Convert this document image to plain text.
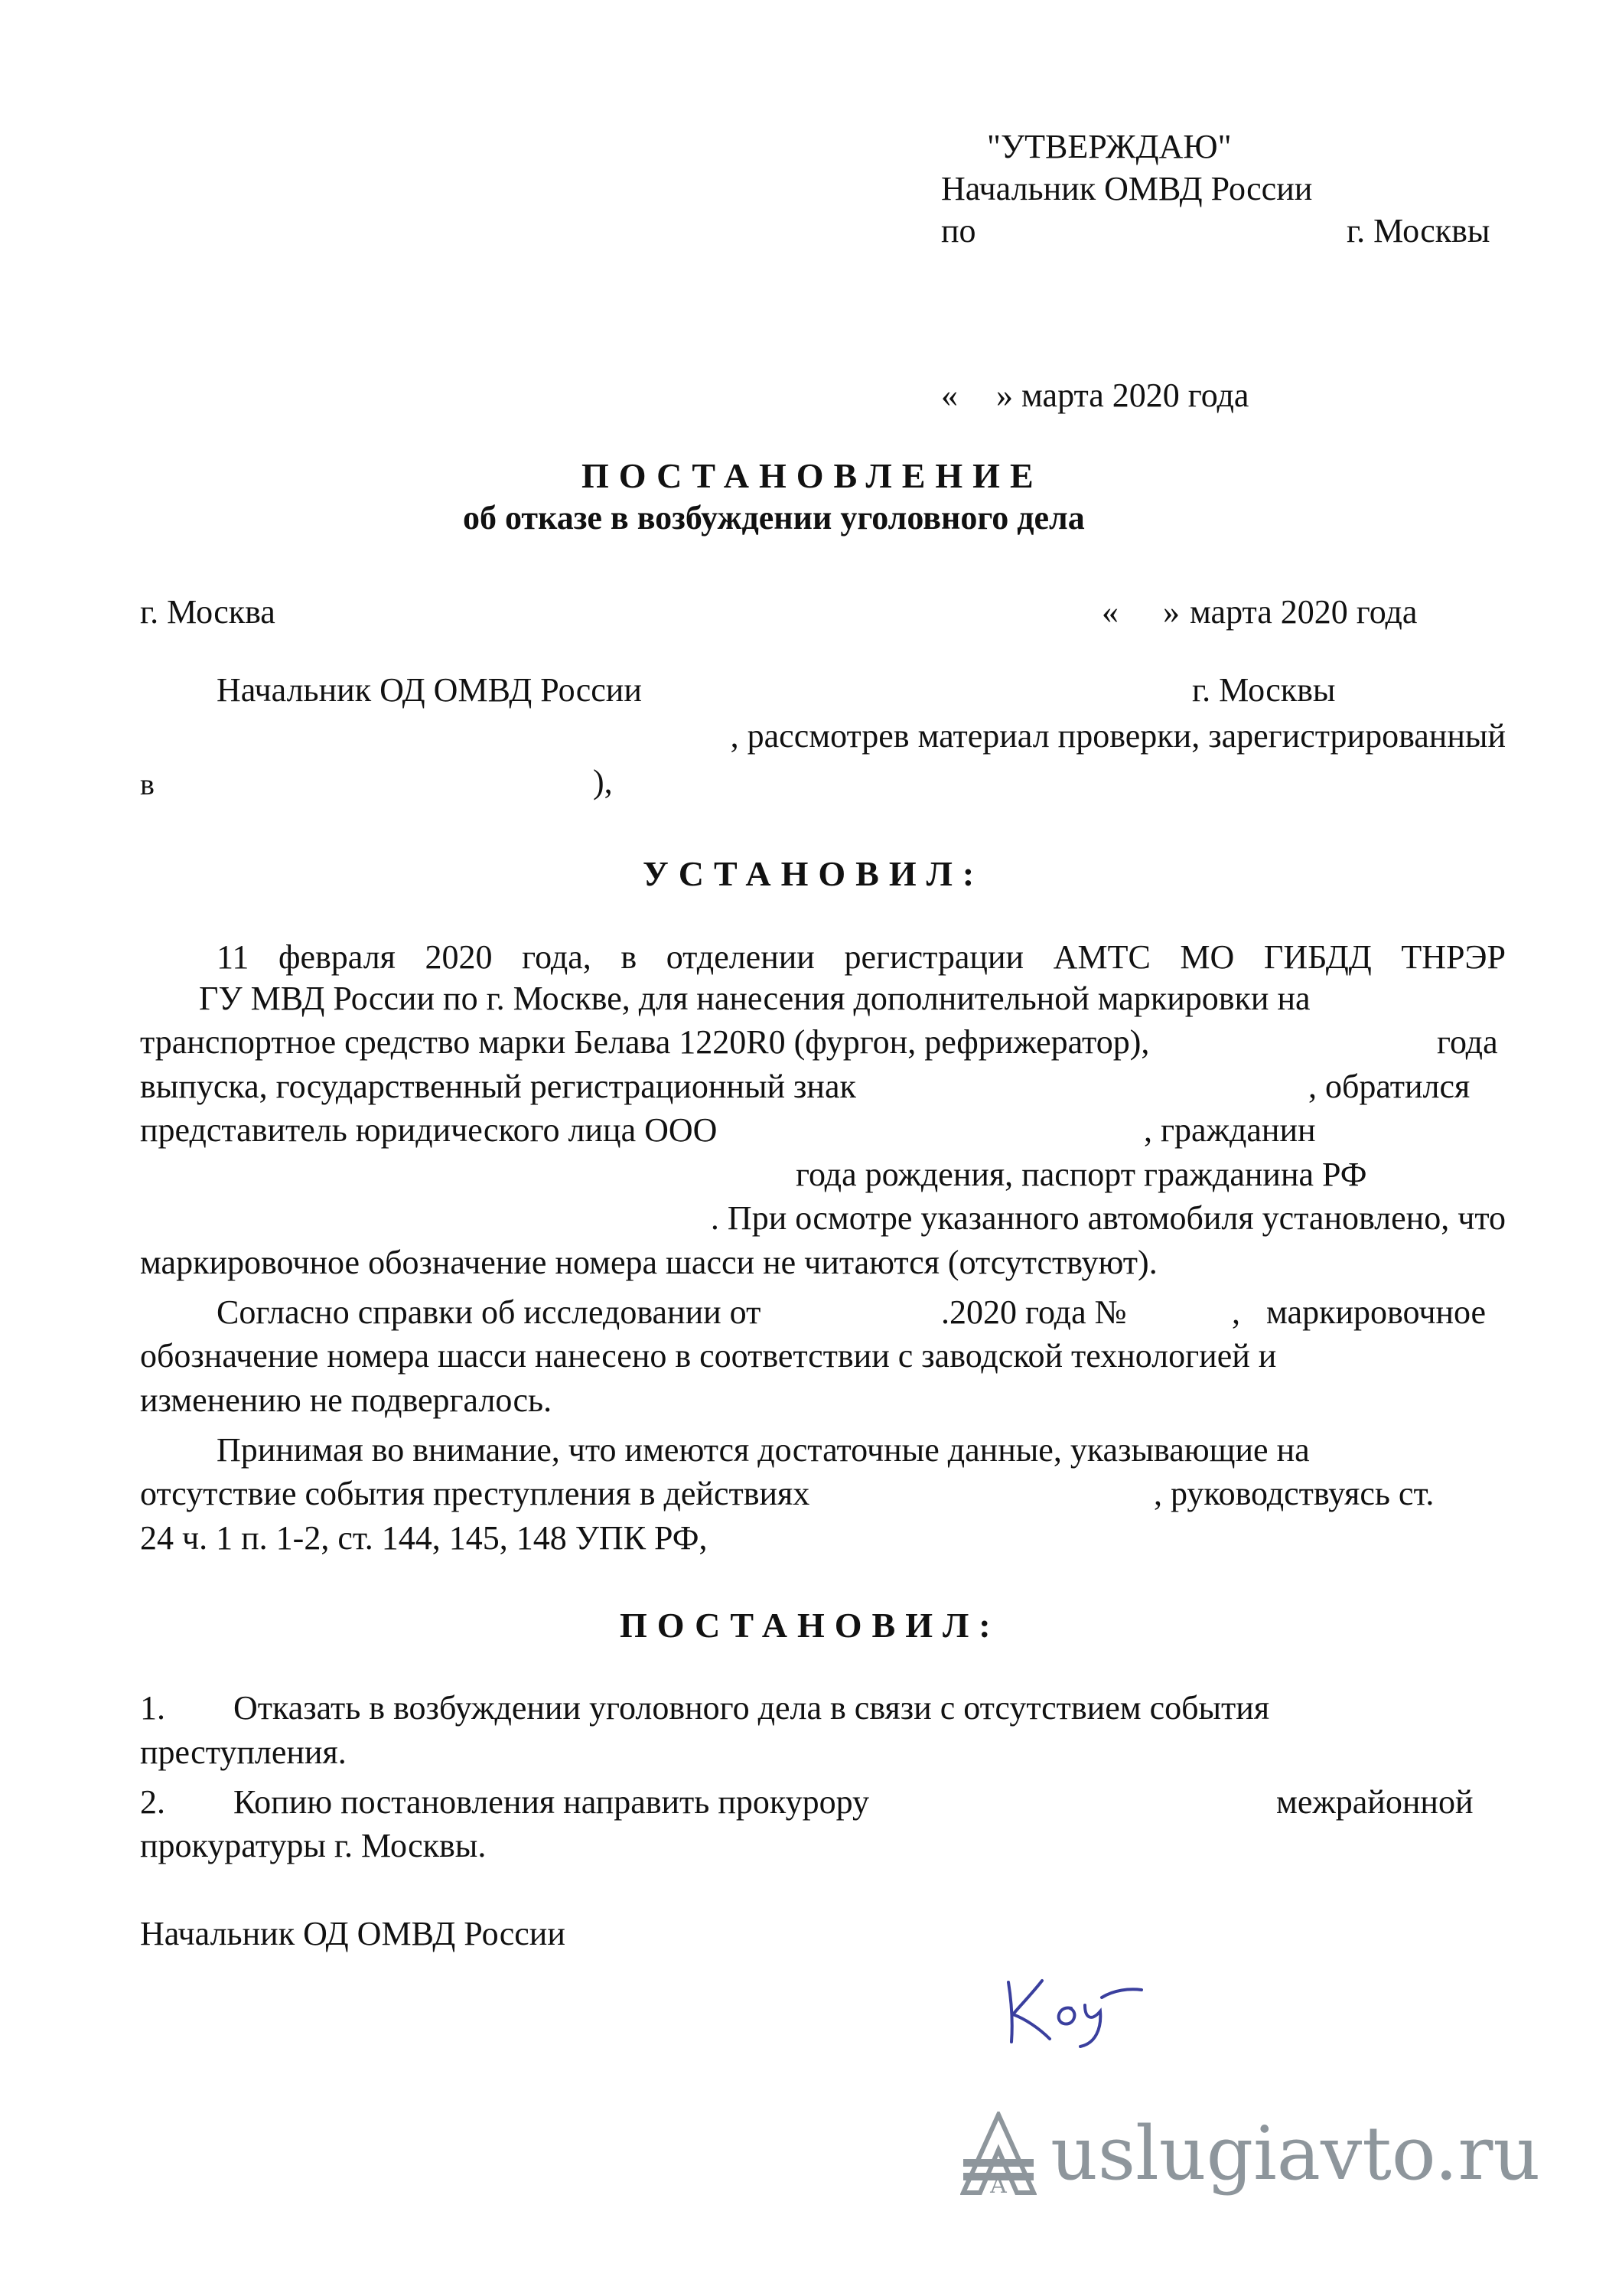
"УТВЕРЖДАЮ"
Начальник ОМВД России
по	г. Москвы
« » марта 2020 года
ПОСТАНОВЛЕНИЕ
об отказе в возбуждении уголовного дела
г. Москва	« » марта 2020 года
Начальник ОД ОМВД России	г. Москвы
, рассмотрев материал проверки, зарегистрированный
в	),
УСТАНОВИЛ:
11 февраля 2020 года, в отделении регистрации АМТС МО ГИБДД ТНРЭР
ГУ МВД России по г. Москве, для нанесения дополнительной маркировки на
транспортное средство марки Белава 1220R0 (фургон, рефрижератор),	года
выпуска, государственный регистрационный знак	, обратился
представитель юридического лица ООО	, гражданин
года рождения, паспорт гражданина РФ
. При осмотре указанного автомобиля установлено, что
маркировочное обозначение номера шасси не читаются (отсутствуют).
Согласно справки об исследовании от	.2020 года №	, маркировочное
обозначение номера шасси нанесено в соответствии с заводской технологией и
изменению не подвергалось.
Принимая во внимание, что имеются достаточные данные, указывающие на
отсутствие события преступления в действиях	, руководствуясь ст.
24 ч. 1 п. 1-2, ст. 144, 145, 148 УПК РФ,
ПОСТАНОВИЛ:
1. Отказать в возбуждении уголовного дела в связи с отсутствием события
преступления.
2. Копию постановления направить прокурору	межрайонной
прокуратуры г. Москвы.
Начальник ОД ОМВД России
A uslugiavto.ru
